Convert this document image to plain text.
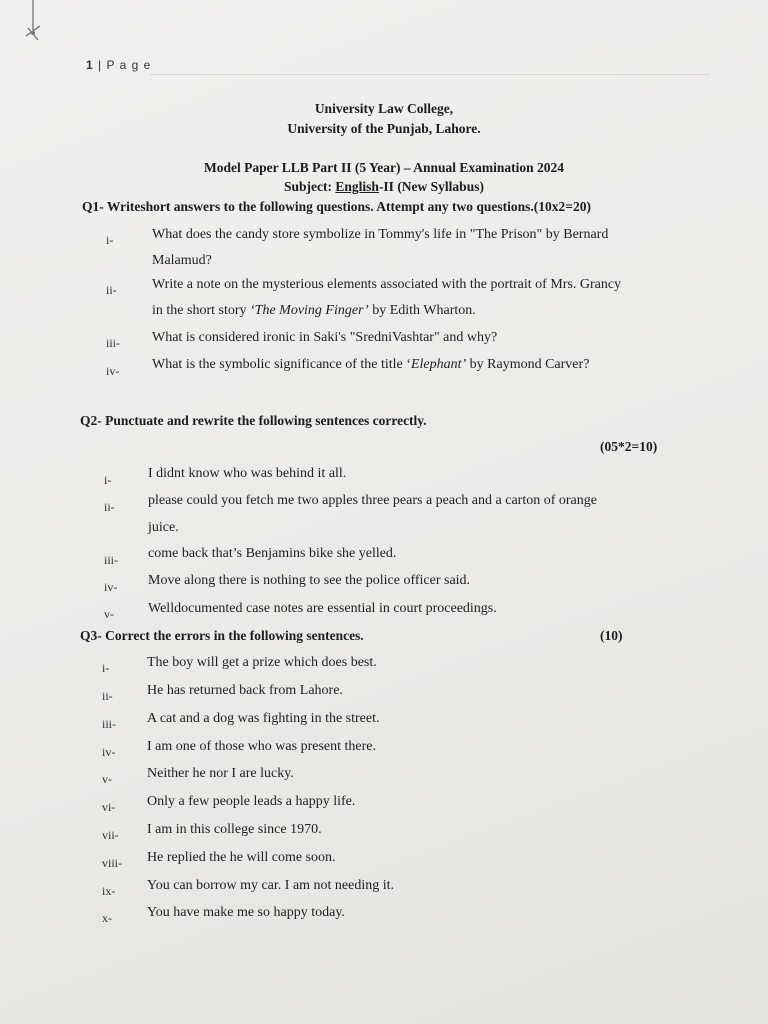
1 | P a g e
University Law College,
University of the Punjab, Lahore.
Model Paper LLB Part II (5 Year) – Annual Examination 2024
Subject: English-II (New Syllabus)
Q1- Writeshort answers to the following questions. Attempt any two questions.(10x2=20)
i-	What does the candy store symbolize in Tommy's life in "The Prison" by Bernard
Malamud?
ii-	Write a note on the mysterious elements associated with the portrait of Mrs. Grancy
in the short story ‘The Moving Finger’ by Edith Wharton.
iii- What is considered ironic in Saki's "SredniVashtar" and why?
iv- What is the symbolic significance of the title ‘Elephant’ by Raymond Carver?
Q2- Punctuate and rewrite the following sentences correctly.
(05*2=10)
i-	I didnt know who was behind it all.
ii- please could you fetch me two apples three pears a peach and a carton of orange
juice.
iii- come back that’s Benjamins bike she yelled.
iv- Move along there is nothing to see the police officer said.
v- Welldocumented case notes are essential in court proceedings.
Q3- Correct the errors in the following sentences.	(10)
i-	The boy will get a prize which does best.
ii- He has returned back from Lahore.
iii- A cat and a dog was fighting in the street.
iv- I am one of those who was present there.
v-	Neither he nor I are lucky.
vi- Only a few people leads a happy life.
vii- I am in this college since 1970.
viii- He replied the he will come soon.
ix- You can borrow my car. I am not needing it.
x-	You have make me so happy today.
